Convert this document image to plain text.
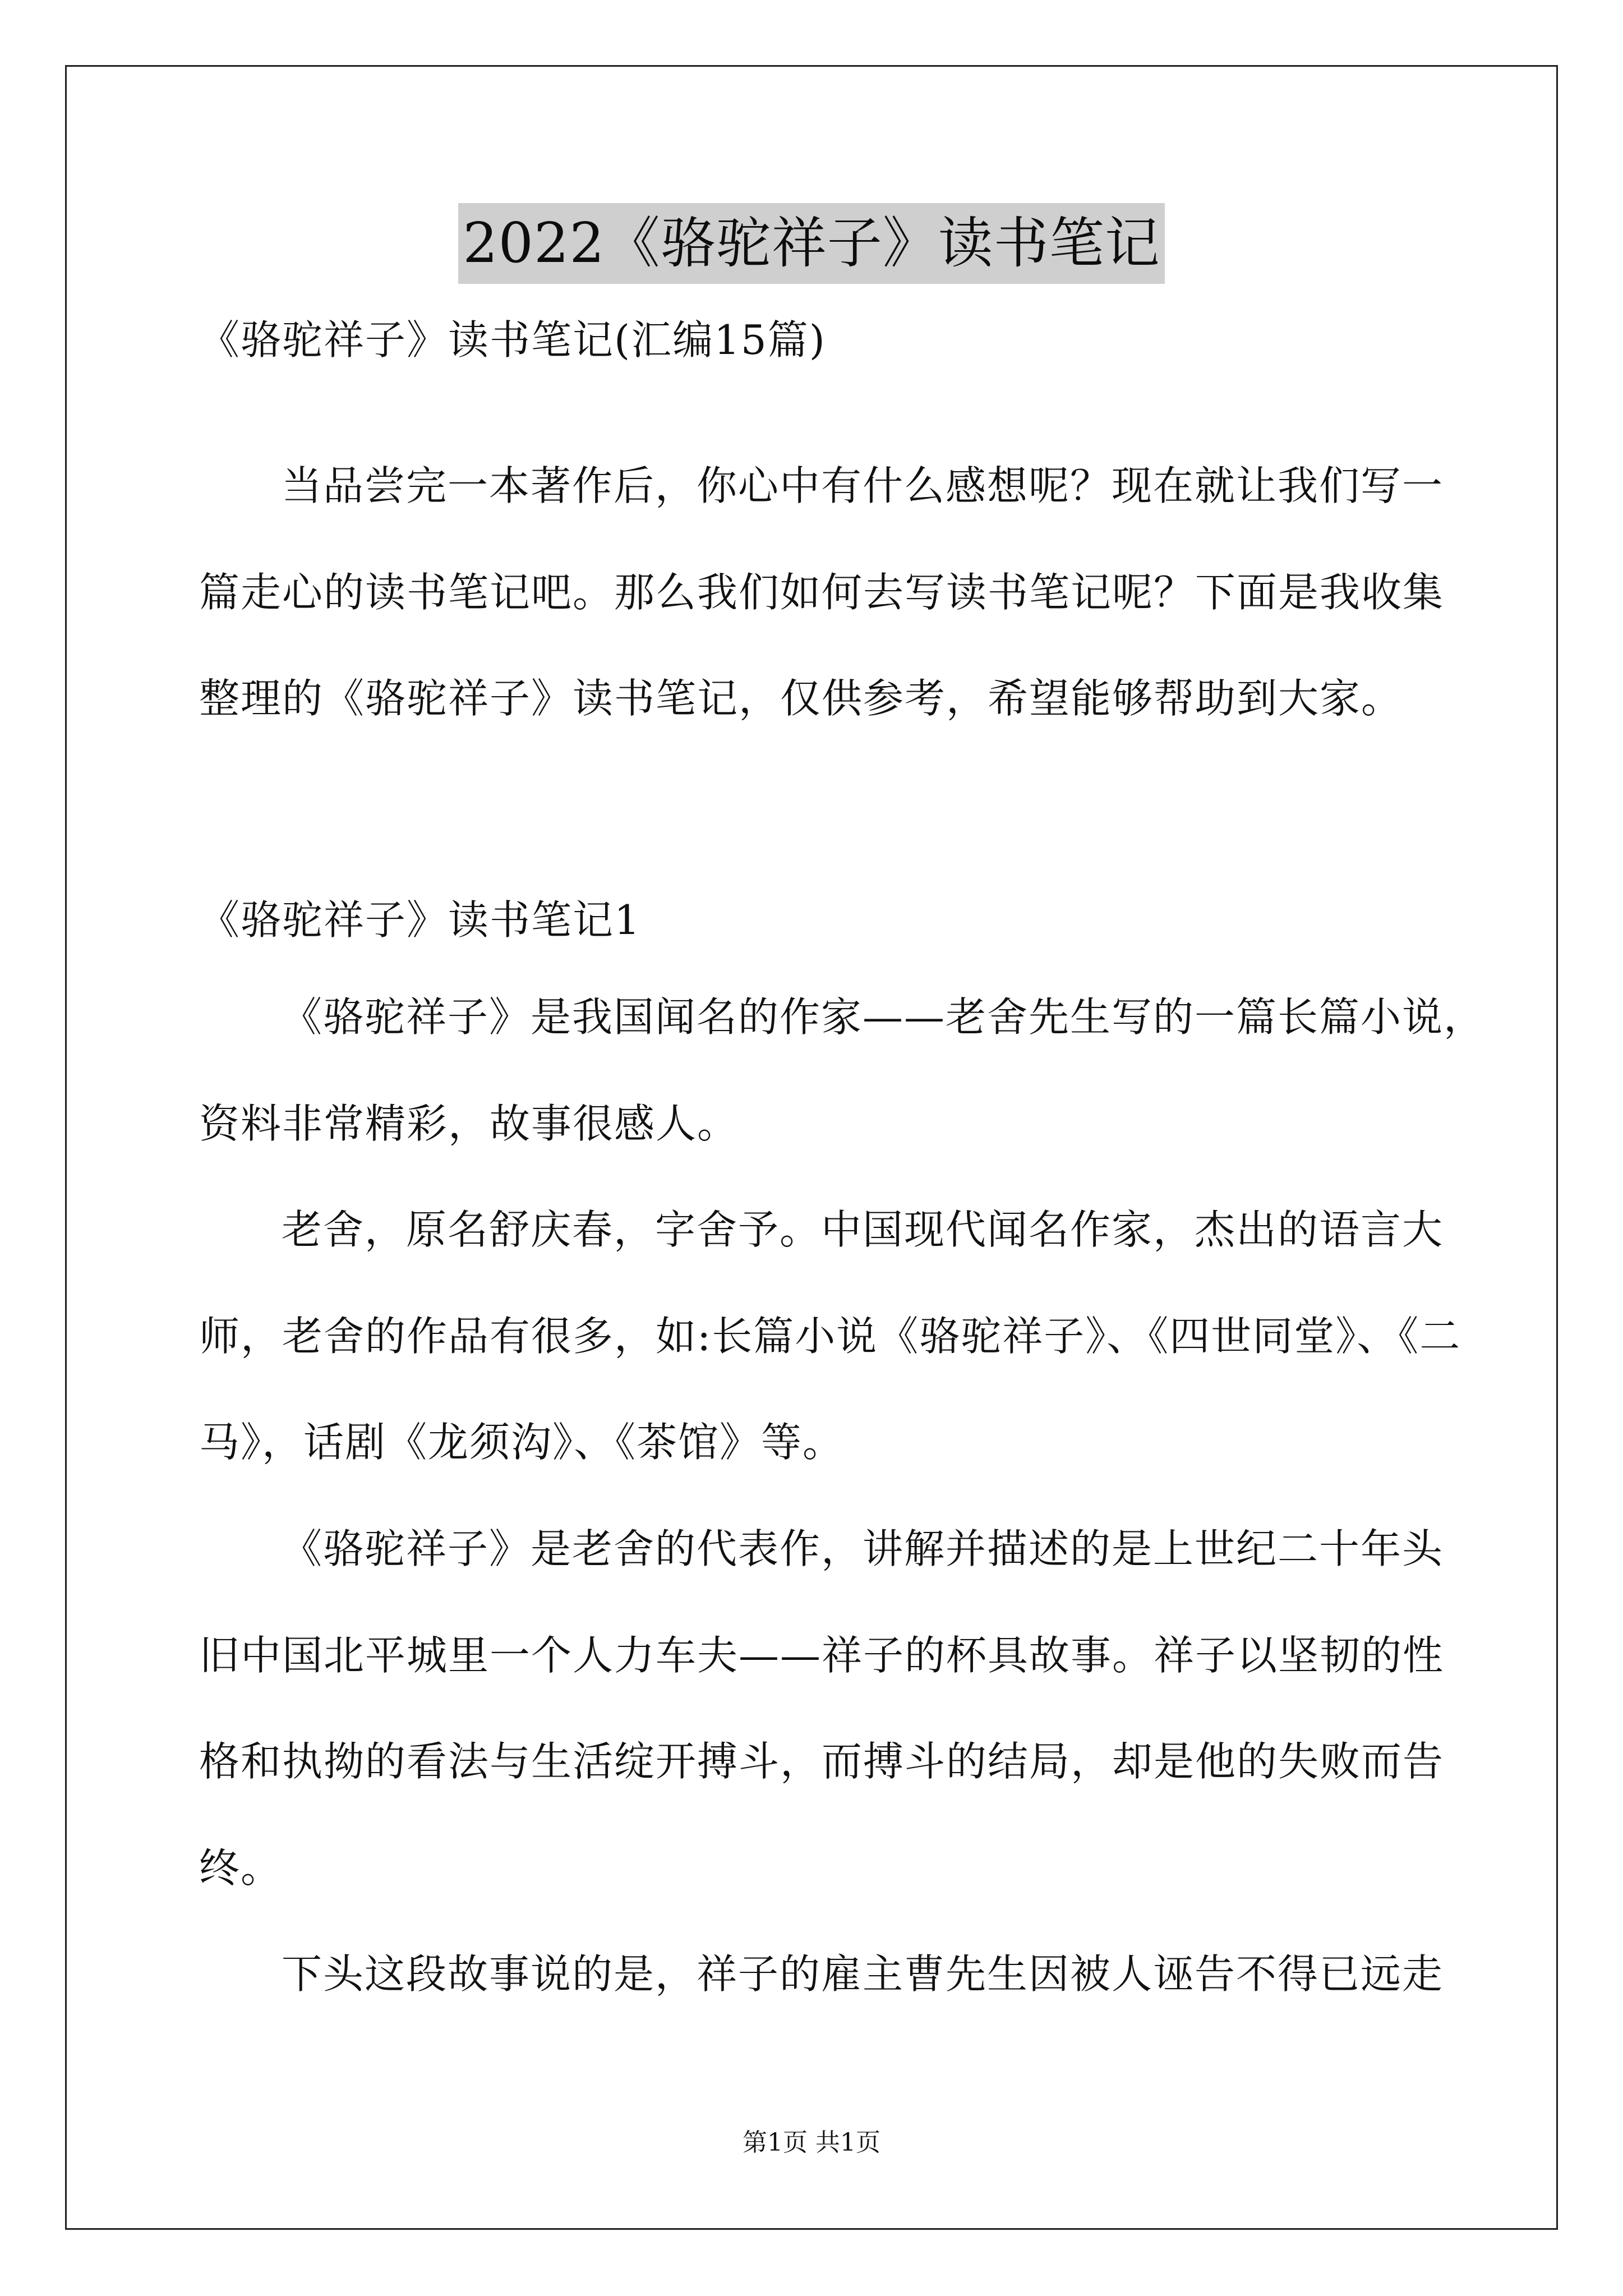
2022《骆驼祥子》读书笔记
《骆驼祥子》读书笔记(汇编15篇)
当品尝完一本著作后，你心中有什么感想呢？现在就让我们写一
篇走心的读书笔记吧。那么我们如何去写读书笔记呢？下面是我收集
整理的《骆驼祥子》读书笔记，仅供参考，希望能够帮助到大家。
《骆驼祥子》读书笔记1
《骆驼祥子》是我国闻名的作家——老舍先生写的一篇长篇小说，
资料非常精彩，故事很感人。
老舍，原名舒庆春，字舍予。中国现代闻名作家，杰出的语言大
师，老舍的作品有很多，如:长篇小说《骆驼祥子》、《四世同堂》、《二
马》，话剧《龙须沟》、《茶馆》等。
《骆驼祥子》是老舍的代表作，讲解并描述的是上世纪二十年头
旧中国北平城里一个人力车夫——祥子的杯具故事。祥子以坚韧的性
格和执拗的看法与生活绽开搏斗，而搏斗的结局，却是他的失败而告
终。
下头这段故事说的是，祥子的雇主曹先生因被人诬告不得已远走
第1页 共1页
